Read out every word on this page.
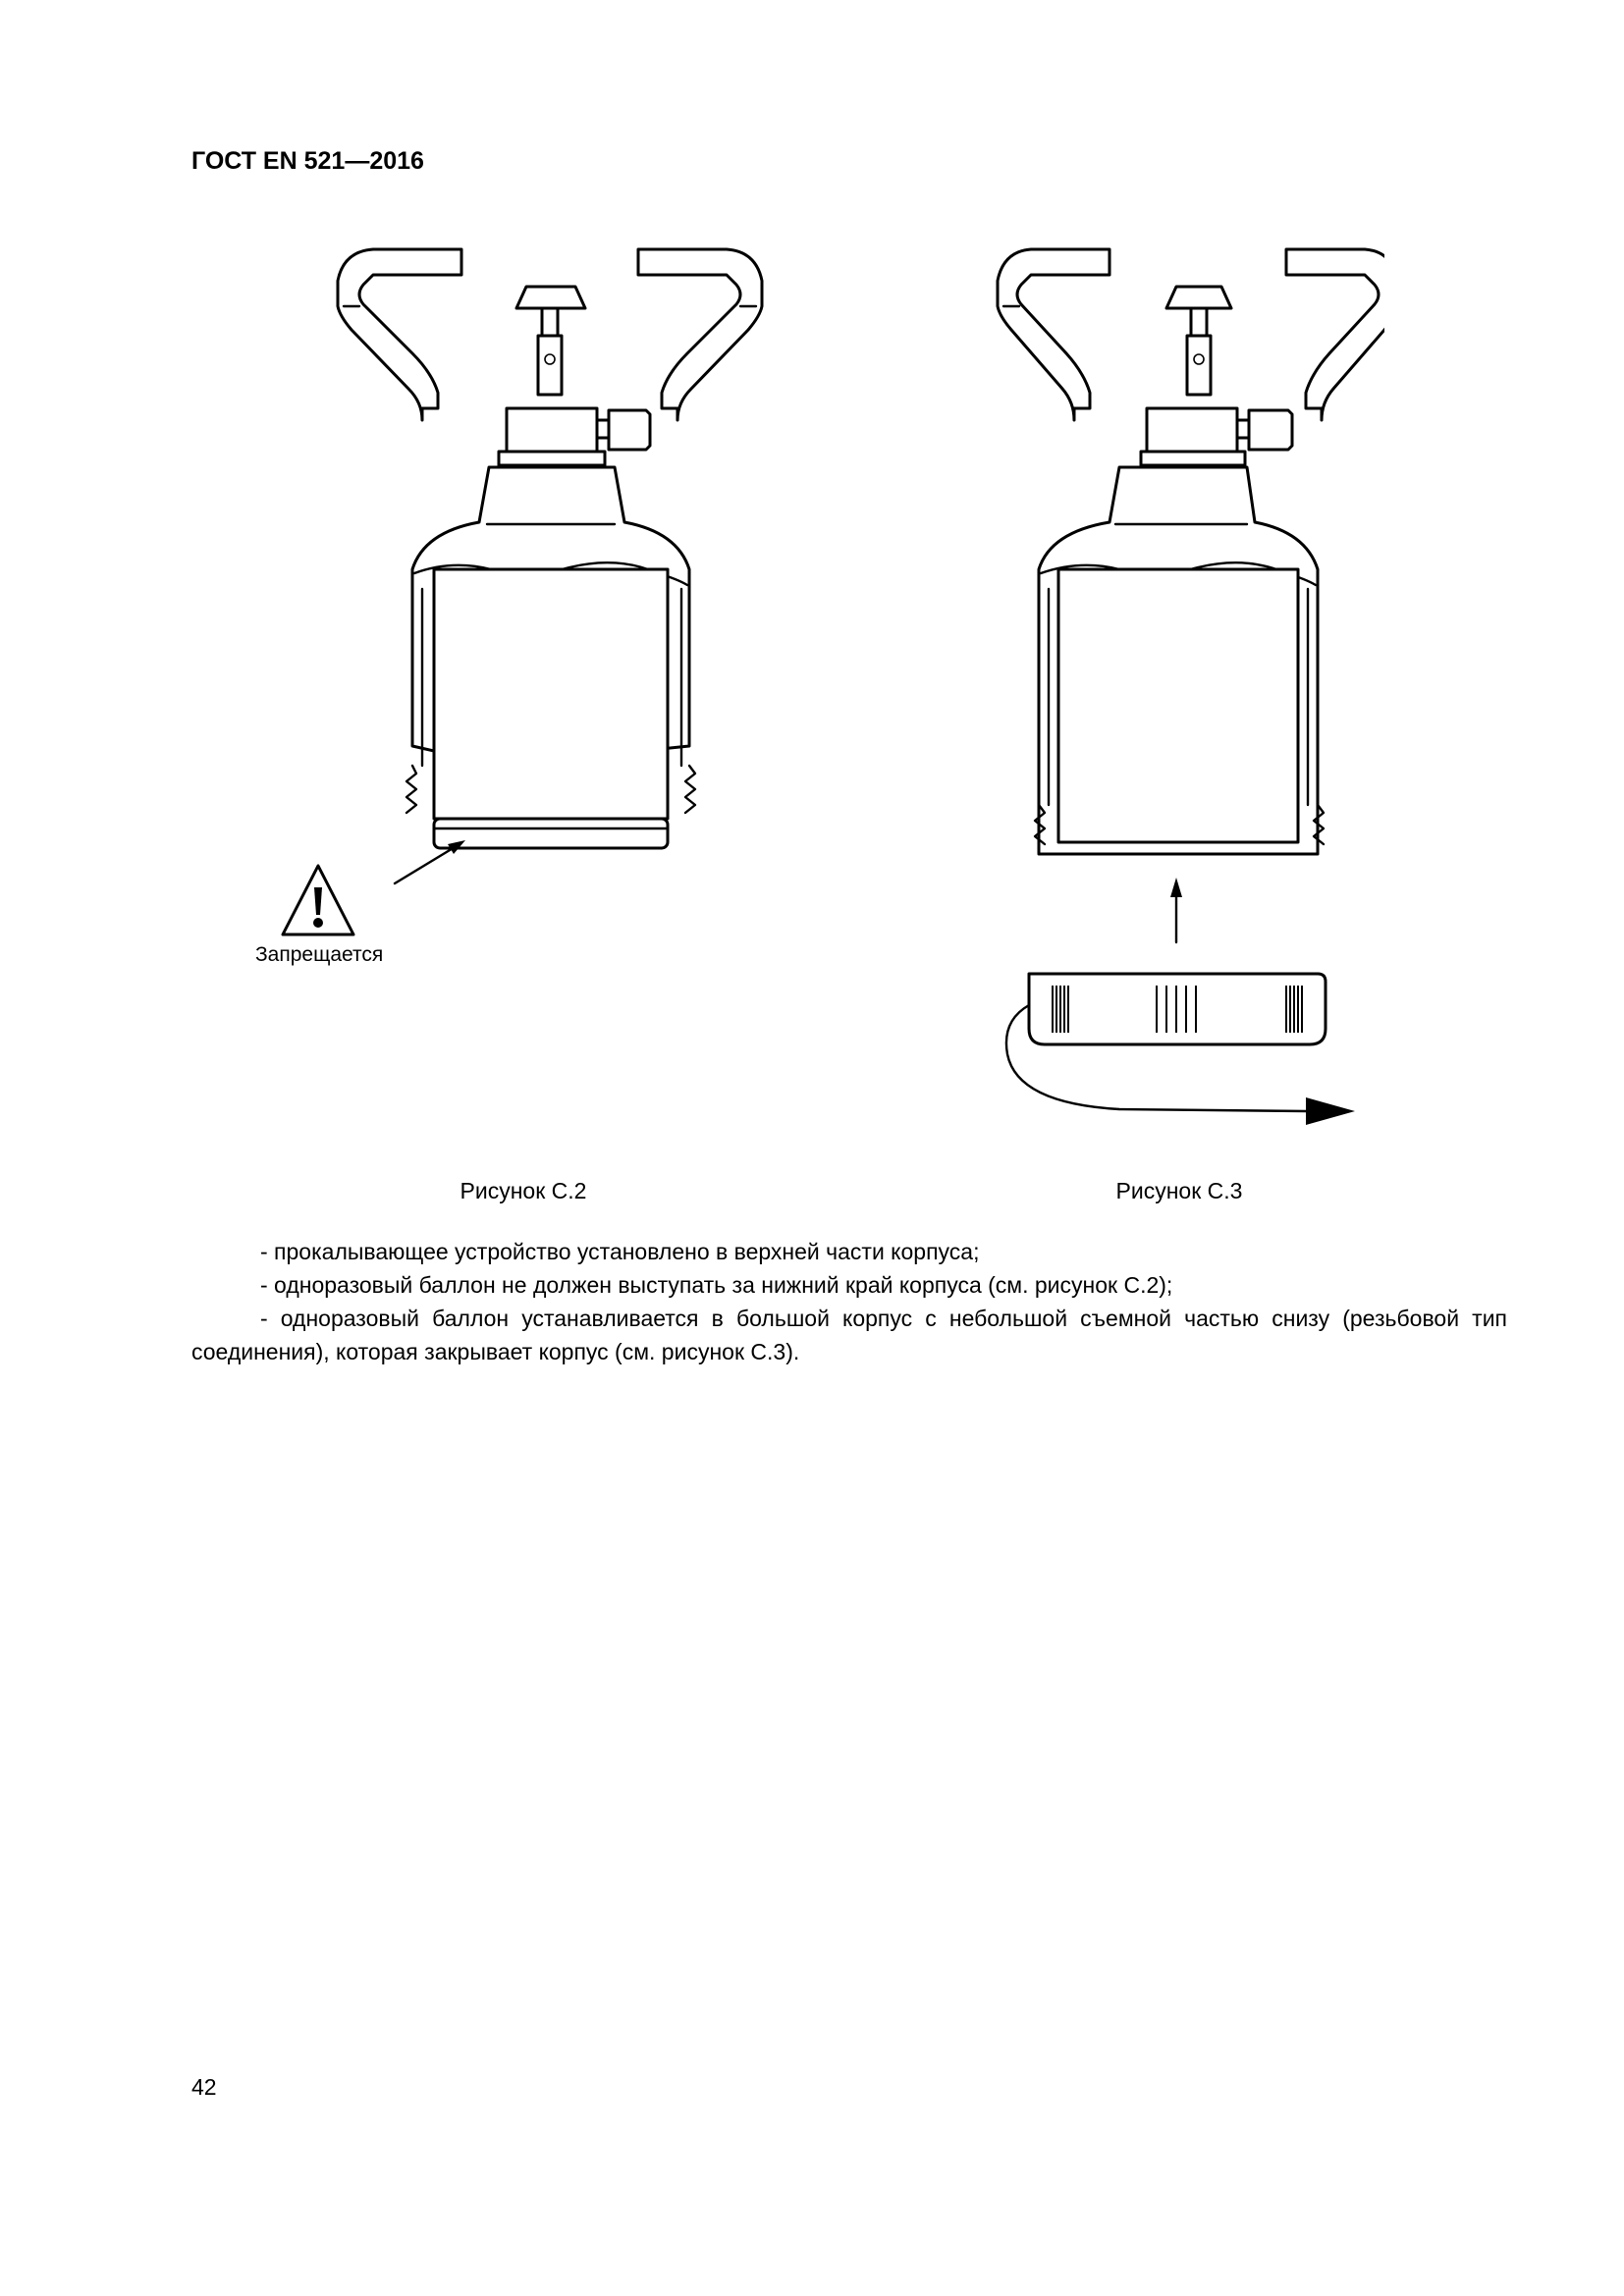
ГОСТ EN 521—2016
Запрещается
Рисунок C.2	Рисунок C.3

- прокалывающее устройство установлено в верхней части корпуса;

- одноразовый баллон не должен выступать за нижний край корпуса (см. рисунок C.2);

- одноразовый баллон устанавливается в большой корпус с небольшой съемной частью снизу (резьбовой тип соединения), которая закрывает корпус (см. рисунок C.3).

42
